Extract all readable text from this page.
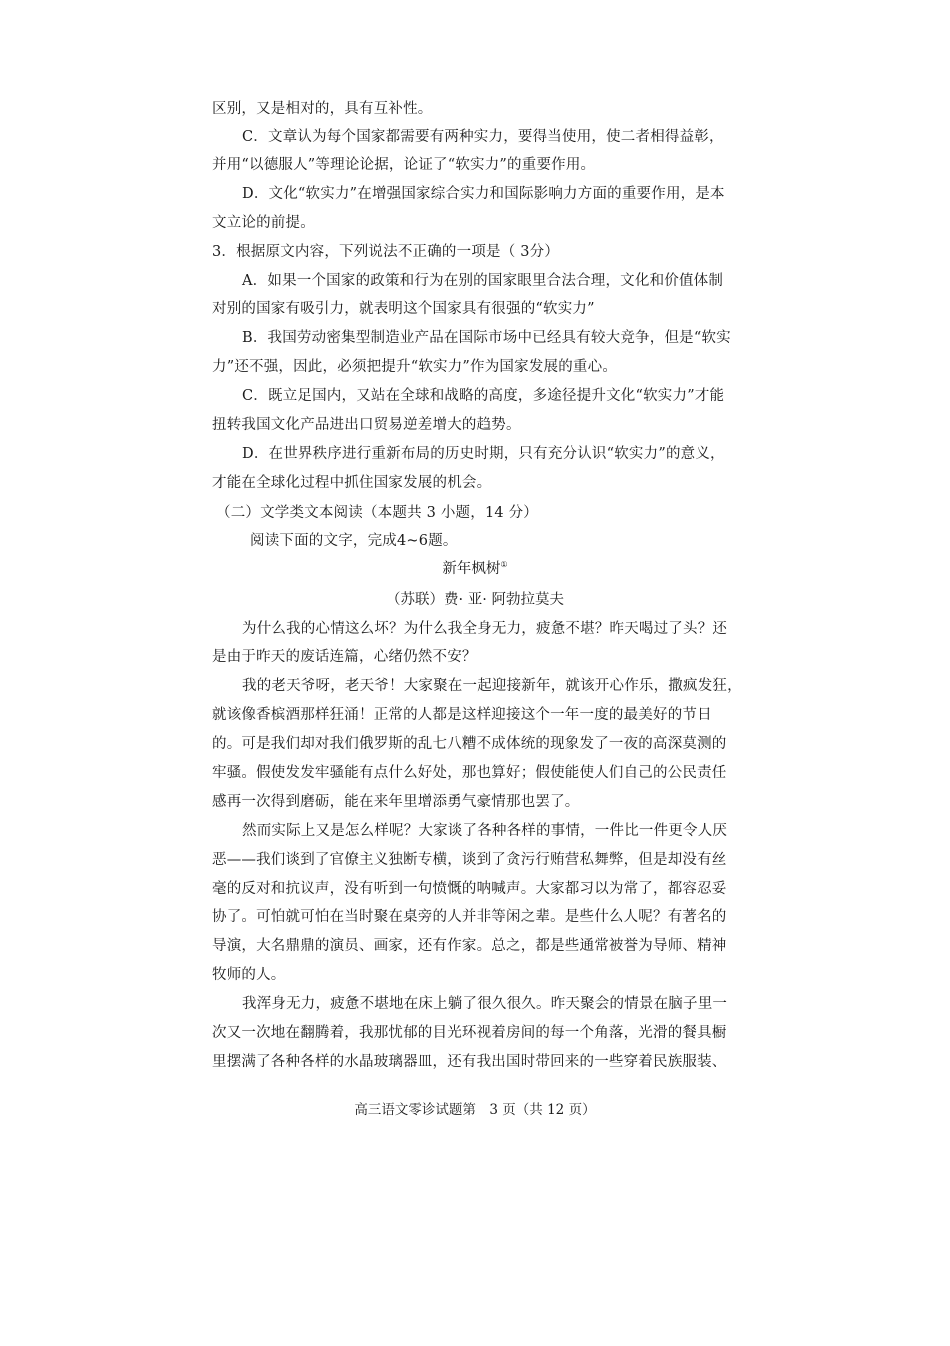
区别，又是相对的，具有互补性。
C．文章认为每个国家都需要有两种实力，要得当使用，使二者相得益彰，
并用“以德服人”等理论论据，论证了“软实力”的重要作用。
D．文化“软实力”在增强国家综合实力和国际影响力方面的重要作用，是本
文立论的前提。
3．根据原文内容，下列说法不正确的一项是（ 3分）
A．如果一个国家的政策和行为在别的国家眼里合法合理，文化和价值体制
对别的国家有吸引力，就表明这个国家具有很强的“软实力”
B．我国劳动密集型制造业产品在国际市场中已经具有较大竞争，但是“软实
力”还不强，因此，必须把提升“软实力”作为国家发展的重心。
C．既立足国内，又站在全球和战略的高度，多途径提升文化“软实力”才能
扭转我国文化产品进出口贸易逆差增大的趋势。
D．在世界秩序进行重新布局的历史时期，只有充分认识“软实力”的意义，
才能在全球化过程中抓住国家发展的机会。
（二）文学类文本阅读（本题共 3 小题，14 分）
阅读下面的文字，完成4~6题。
新年枫树①
（苏联）费· 亚· 阿勃拉莫夫
为什么我的心情这么坏？为什么我全身无力，疲惫不堪？昨天喝过了头？还
是由于昨天的废话连篇，心绪仍然不安？
我的老天爷呀，老天爷！大家聚在一起迎接新年，就该开心作乐，撒疯发狂，
就该像香槟酒那样狂涌！正常的人都是这样迎接这个一年一度的最美好的节日
的。可是我们却对我们俄罗斯的乱七八糟不成体统的现象发了一夜的高深莫测的
牢骚。假使发发牢骚能有点什么好处，那也算好；假使能使人们自己的公民责任
感再一次得到磨砺，能在来年里增添勇气豪情那也罢了。
然而实际上又是怎么样呢？大家谈了各种各样的事情，一件比一件更令人厌
恶——我们谈到了官僚主义独断专横，谈到了贪污行贿营私舞弊，但是却没有丝
毫的反对和抗议声，没有听到一句愤慨的呐喊声。大家都习以为常了，都容忍妥
协了。可怕就可怕在当时聚在桌旁的人并非等闲之辈。是些什么人呢？有著名的
导演，大名鼎鼎的演员、画家，还有作家。总之，都是些通常被誉为导师、精神
牧师的人。
我浑身无力，疲惫不堪地在床上躺了很久很久。昨天聚会的情景在脑子里一
次又一次地在翻腾着，我那忧郁的目光环视着房间的每一个角落，光滑的餐具橱
里摆满了各种各样的水晶玻璃器皿，还有我出国时带回来的一些穿着民族服装、
高三语文零诊试题第　3 页（共 12 页）
